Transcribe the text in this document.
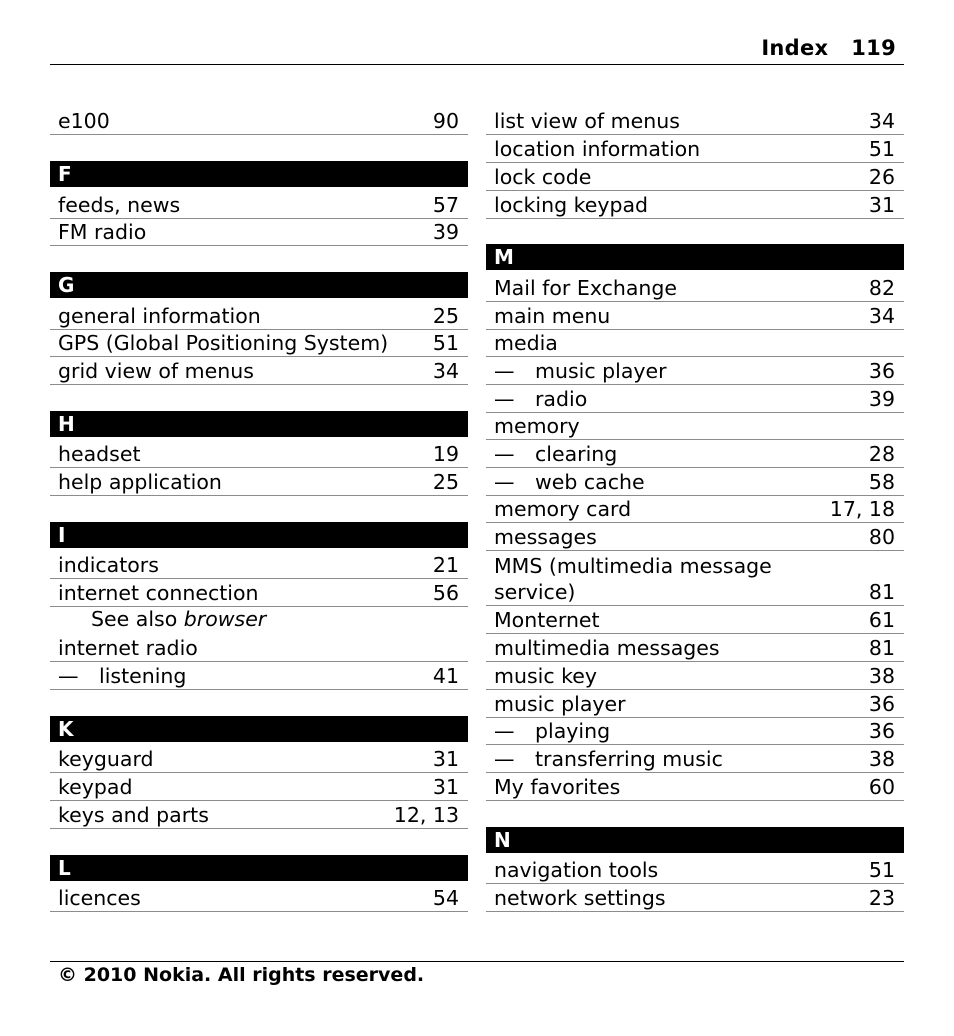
Index 119
e100	90
F
feeds, news	57
FM radio	39
G
general information	25
GPS (Global Positioning System) 51
grid view of menus	34
H
headset	19
help application	25
I
indicators	21
internet connection	56
See also browser
internet radio
— listening	41
K
keyguard	31
keypad	31
keys and parts	12, 13
L
licences	54
list view of menus	34
location information	51
lock code	26
locking keypad	31
M
Mail for Exchange	82
main menu	34
media
— music player	36
— radio	39
memory
— clearing	28
— web cache	58
memory card	17, 18
messages	80
MMS (multimedia message
service)	81
Monternet	61
multimedia messages	81
music key	38
music player	36
— playing	36
— transferring music	38
My favorites	60
N
navigation tools	51
network settings	23
© 2010 Nokia. All rights reserved.
